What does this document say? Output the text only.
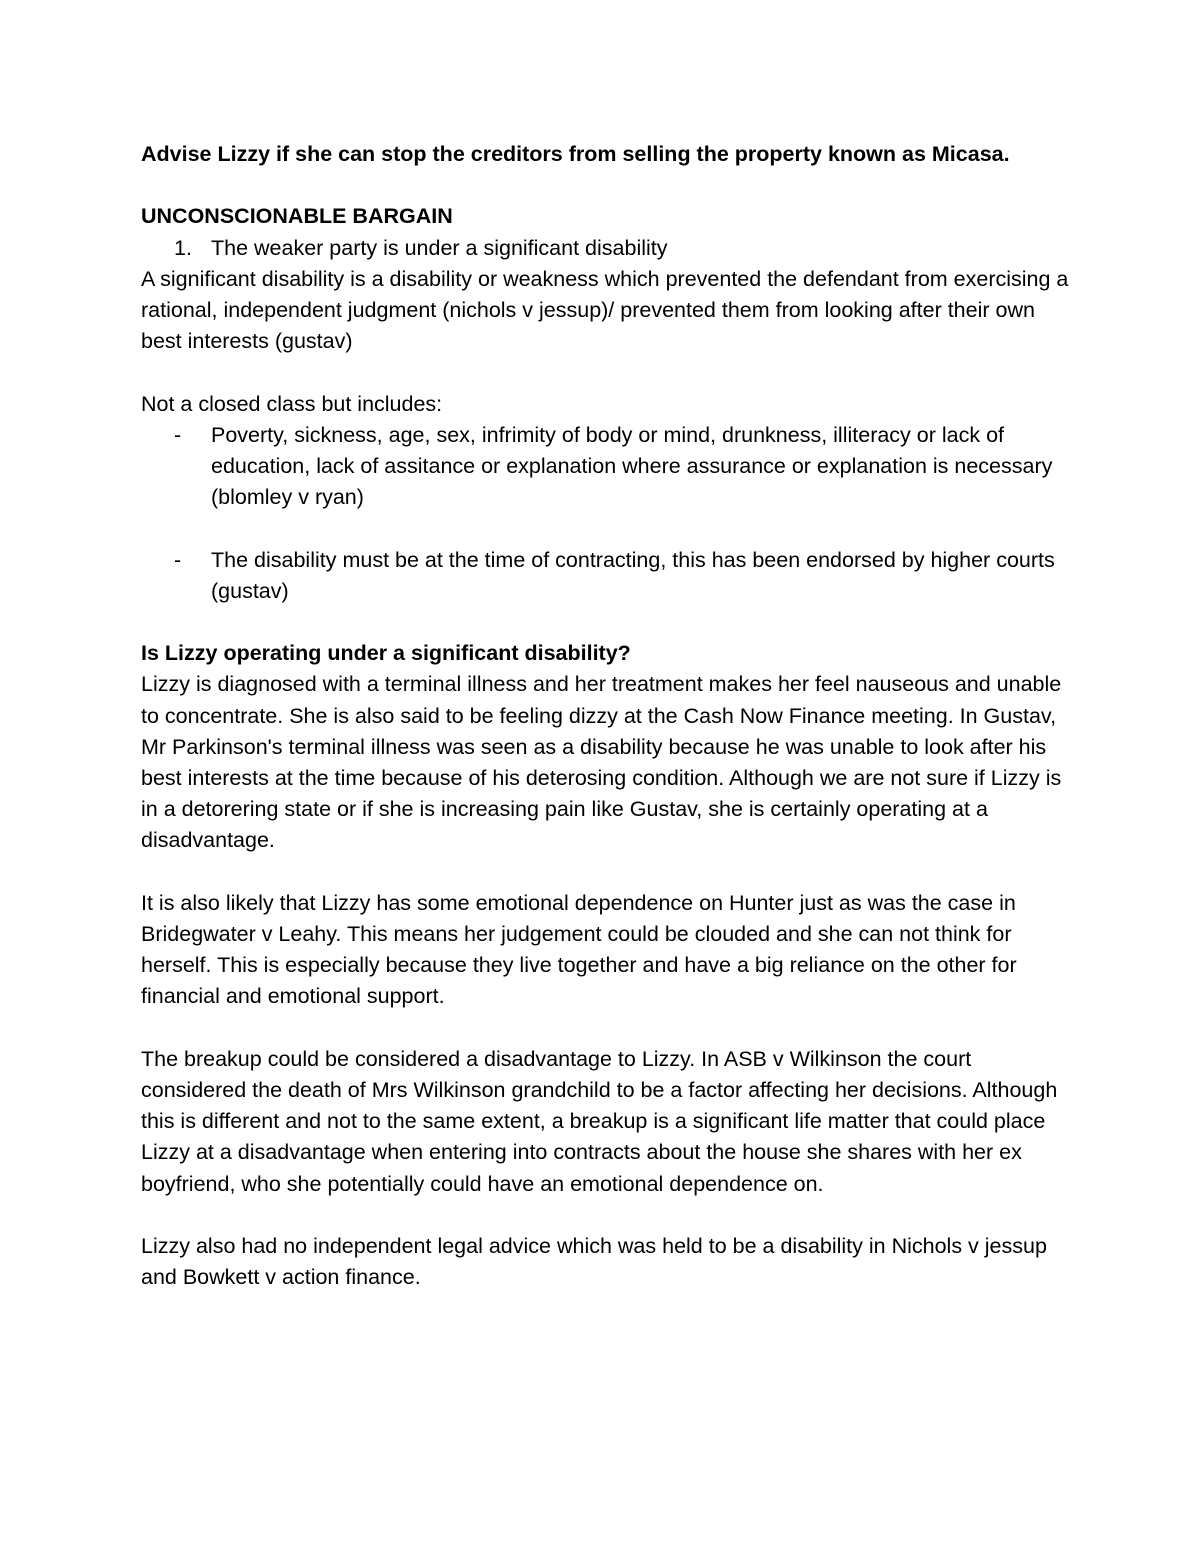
Advise Lizzy if she can stop the creditors from selling the property known as Micasa.

UNCONSCIONABLE BARGAIN

1. The weaker party is under a significant disability

A significant disability is a disability or weakness which prevented the defendant from exercising a rational, independent judgment (nichols v jessup)/ prevented them from looking after their own best interests (gustav)

Not a closed class but includes:

-	Poverty, sickness, age, sex, infrimity of body or mind, drunkness, illiteracy or lack of education, lack of assitance or explanation where assurance or explanation is necessary (blomley v ryan)
-	The disability must be at the time of contracting, this has been endorsed by higher courts (gustav)

Is Lizzy operating under a significant disability?

Lizzy is diagnosed with a terminal illness and her treatment makes her feel nauseous and unable to concentrate. She is also said to be feeling dizzy at the Cash Now Finance meeting. In Gustav, Mr Parkinson's terminal illness was seen as a disability because he was unable to look after his best interests at the time because of his deterosing condition. Although we are not sure if Lizzy is in a detorering state or if she is increasing pain like Gustav, she is certainly operating at a disadvantage.

It is also likely that Lizzy has some emotional dependence on Hunter just as was the case in Bridegwater v Leahy. This means her judgement could be clouded and she can not think for herself. This is especially because they live together and have a big reliance on the other for financial and emotional support.

The breakup could be considered a disadvantage to Lizzy. In ASB v Wilkinson the court considered the death of Mrs Wilkinson grandchild to be a factor affecting her decisions. Although this is different and not to the same extent, a breakup is a significant life matter that could place Lizzy at a disadvantage when entering into contracts about the house she shares with her ex boyfriend, who she potentially could have an emotional dependence on.

Lizzy also had no independent legal advice which was held to be a disability in Nichols v jessup and Bowkett v action finance.
